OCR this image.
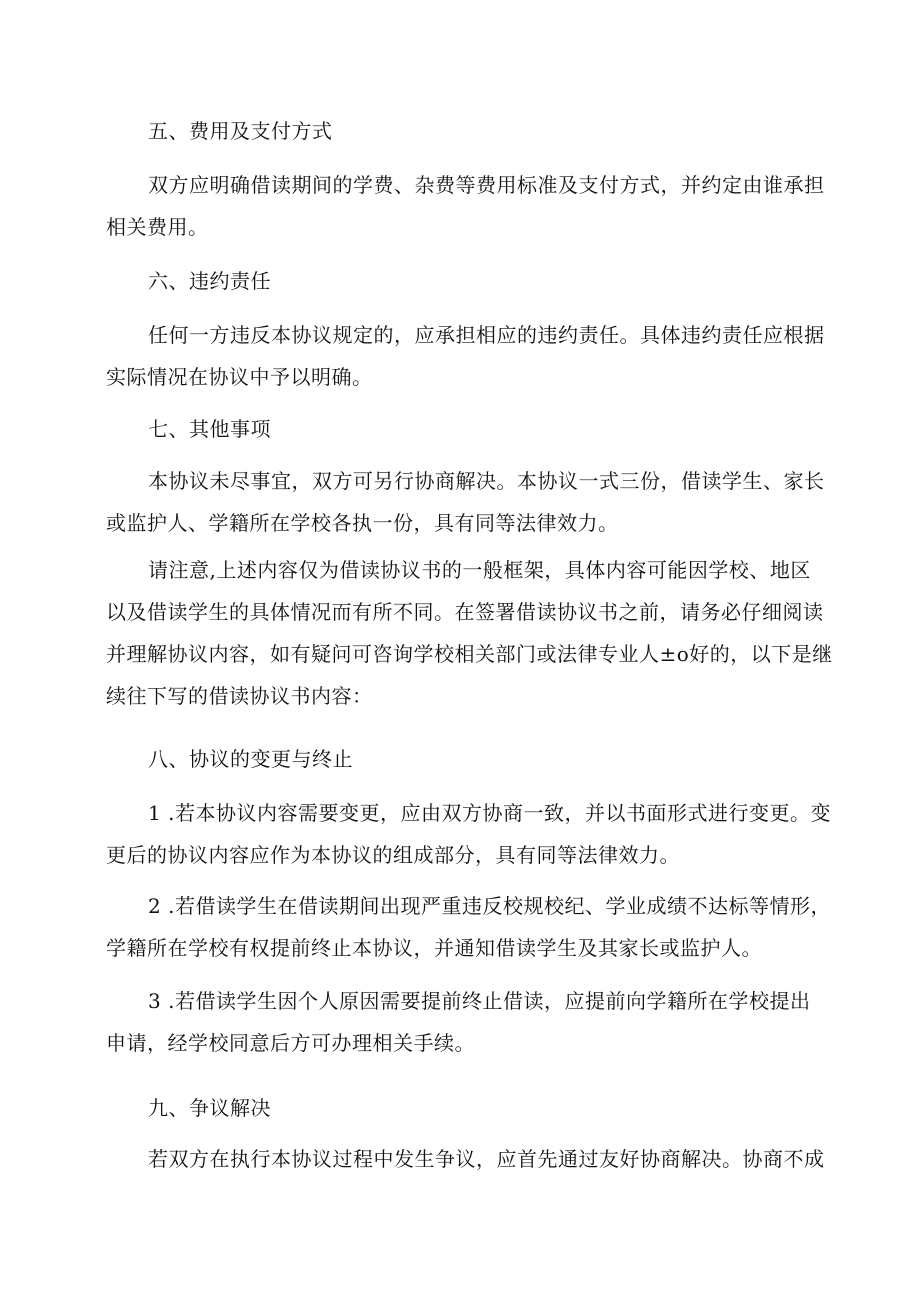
五、费用及支付方式
双方应明确借读期间的学费、杂费等费用标准及支付方式，并约定由谁承担
相关费用。
六、违约责任
任何一方违反本协议规定的，应承担相应的违约责任。具体违约责任应根据
实际情况在协议中予以明确。
七、其他事项
本协议未尽事宜，双方可另行协商解决。本协议一式三份，借读学生、家长
或监护人、学籍所在学校各执一份，具有同等法律效力。
请注意,上述内容仅为借读协议书的一般框架，具体内容可能因学校、地区
以及借读学生的具体情况而有所不同。在签署借读协议书之前，请务必仔细阅读
并理解协议内容，如有疑问可咨询学校相关部门或法律专业人±o好的，以下是继
续往下写的借读协议书内容：
八、协议的变更与终止
1 .若本协议内容需要变更，应由双方协商一致，并以书面形式进行变更。变
更后的协议内容应作为本协议的组成部分，具有同等法律效力。
2 .若借读学生在借读期间出现严重违反校规校纪、学业成绩不达标等情形，
学籍所在学校有权提前终止本协议，并通知借读学生及其家长或监护人。
3 .若借读学生因个人原因需要提前终止借读，应提前向学籍所在学校提出
申请，经学校同意后方可办理相关手续。
九、争议解决
若双方在执行本协议过程中发生争议，应首先通过友好协商解决。协商不成
